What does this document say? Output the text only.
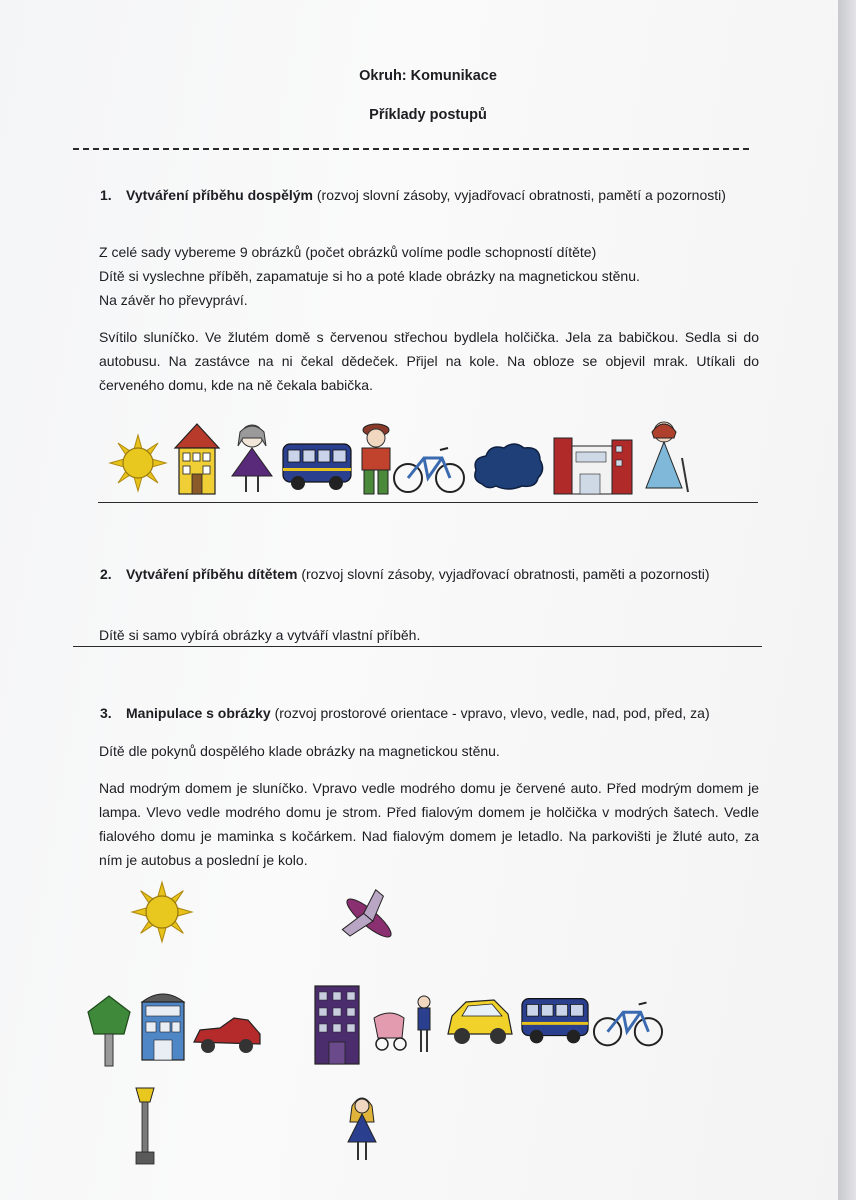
Okruh: Komunikace
Příklady postupů
1. Vytváření příběhu dospělým (rozvoj slovní zásoby, vyjadřovací obratnosti, pamětí a pozornosti)
Z celé sady vybereme 9 obrázků (počet obrázků volíme podle schopností dítěte)
Dítě si vyslechne příběh, zapamatuje si ho a poté klade obrázky na magnetickou stěnu.
Na závěr ho převypráví.
Svítilo sluníčko. Ve žlutém domě s červenou střechou bydlela holčička. Jela za babičkou. Sedla si do autobusu. Na zastávce na ni čekal dědeček. Přijel na kole. Na obloze se objevil mrak. Utíkali do červeného domu, kde na ně čekala babička.
2. Vytváření příběhu dítětem (rozvoj slovní zásoby, vyjadřovací obratnosti, paměti a pozornosti)
Dítě si samo vybírá obrázky a vytváří vlastní příběh.
3. Manipulace s obrázky (rozvoj prostorové orientace - vpravo, vlevo, vedle, nad, pod, před, za)
Dítě dle pokynů dospělého klade obrázky na magnetickou stěnu.
Nad modrým domem je sluníčko. Vpravo vedle modrého domu je červené auto. Před modrým domem je lampa. Vlevo vedle modrého domu je strom. Před fialovým domem je holčička v modrých šatech. Vedle fialového domu je maminka s kočárkem. Nad fialovým domem je letadlo. Na parkovišti je žluté auto, za ním je autobus a poslední je kolo.
